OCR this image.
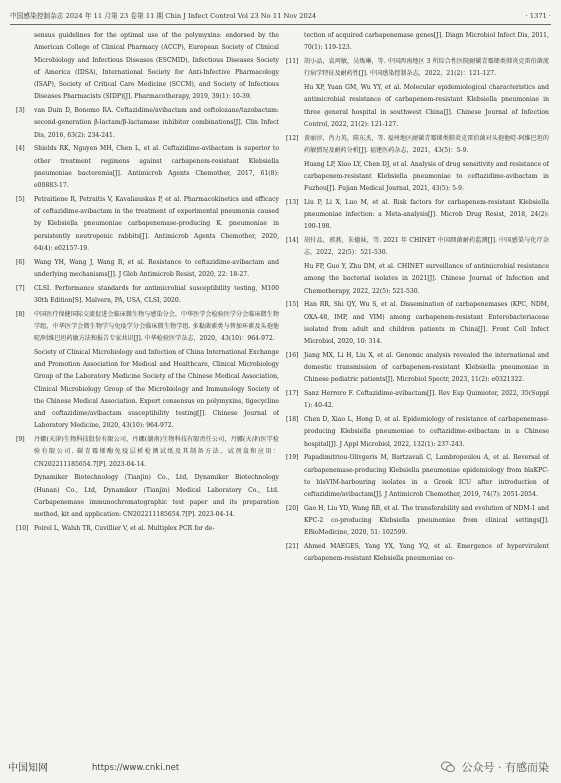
中国感染控制杂志 2024 年 11 月第 23 卷第 11 期 Chin J Infect Control Vol 23 No 11 Nov 2024	· 1371 ·
sensus guidelines for the optimal use of the polymyxins: endorsed by the American College of Clinical Pharmacy (ACCP), European Society of Clinical Microbiology and Infectious Diseases (ESCMID), Infectious Diseases Society of America (IDSA), International Society for Anti-Infective Pharmacology (ISAP), Society of Critical Care Medicine (SCCM), and Society of Infectious Diseases Pharmacists (SIDP)[J]. Pharmacotherapy, 2019, 39(1): 10-39.
[3] van Duin D, Bonomo RA. Ceftazidime/avibactam and ceftolozane/tazobactam: second-generation β-lactam/β-lactamase inhibitor combinations[J]. Clin Infect Dis, 2016, 63(2): 234-241.
[4] Shields RK, Nguyen MH, Chen L, et al. Ceftazidime-avibactam is superior to other treatment regimens against carbapenem-resistant Klebsiella pneumoniae bacteremia[J]. Antimicrob Agents Chemother, 2017, 61(8): e00883-17.
[5] Petraitiene R, Petraitis V, Kavaliauskas P, et al. Pharmacokinetics and efficacy of ceftazidime-avibactam in the treatment of experimental pneumonia caused by Klebsiella pneumoniae carbapenemase-producing K. pneumoniae in persistently neutropenic rabbits[J]. Antimicrob Agents Chemother, 2020, 64(4): e02157-19.
[6] Wang YH, Wang J, Wang R, et al. Resistance to ceftazidime-avibactam and underlying mechanisms[J]. J Glob Antimicrob Resist, 2020, 22: 18-27.
[7] CLSI. Performance standards for antimicrobial susceptibility testing, M100 30th Edition[S]. Malvern, PA, USA, CLSI, 2020.
[8] 中国医疗保健国际交流促进会临床微生物与感染分会，中华医学会检验医学分会临床微生物学组，中华医学会微生物学与免疫学分会临床微生物学组. 多黏菌素类与替加环素及头孢他啶/阿维巴坦药敏方法和报告专家共识[J]. 中华检验医学杂志，2020，43(10)：964-972.
Society of Clinical Microbiology and Infection of China International Exchange and Promotion Association for Medical and Healthcare, Clinical Microbiology Group of the Laboratory Medicine Society of the Chinese Medical Association, Clinical Microbiology Group of the Microbiology and Immunology Society of the Chinese Medical Association. Expert consensus on polymyxins, tigecycline and ceftazidime/avibactam susceptibility testing[J]. Chinese Journal of Laboratory Medicine, 2020, 43(10): 964-972.
[9] 丹娜(天津)生物科技股份有限公司，丹娜(湖南)生物科技有限责任公司，丹娜(天津)医学检验有限公司. 碳青霉烯酶免疫层析检测试纸及其制备方法、试剂盒和应用：CN202211185654.7[P]. 2023-04-14.
Dynamiker Biotechnology (Tianjin) Co., Ltd, Dynamiker Biotechnology (Hunan) Co., Ltd, Dynamiker (Tianjin) Medical Laboratory Co., Ltd. Carbapenemase immunochromatographic test paper and its preparation method, kit and application: CN202211185654.7[P]. 2023-04-14.
[10] Poirel L, Walsh TR, Cuvillier V, et al. Multiplex PCR for de-
tection of acquired carbapenemase genes[J]. Diagn Microbiol Infect Dis, 2011, 70(1): 119-123.
[11] 胡小品，袁珂敏，吴炼琳，等. 中国西南地区 3 所综合性医院耐碳青霉烯类肺炎克雷伯菌流行病学特征及耐药性[J]. 中国感染控制杂志，2022，21(2)：121-127.
Hu XP, Yuan GM, Wu YY, et al. Molecular epidemiological characteristics and antimicrobial resistance of carbapenem-resistant Klebsiella pneumoniae in three general hospital in southwest China[J]. Chinese Journal of Infection Control, 2022, 21(2): 121-127.
[12] 黄丽淳，肖力英，陈东杰，等. 福州地区耐碳青霉烯类肺炎克雷伯菌对头孢他啶-阿维巴坦的药敏情况及耐药分析[J]. 福建医药杂志，2021，43(5)：5-9.
Huang LP, Xiao LY, Chen DJ, et al. Analysis of drug sensitivity and resistance of carbapenem-resistant Klebsiella pneumoniae to ceftazidime-avibactam in Fuzhou[J]. Fujian Medical Journal, 2021, 43(5): 5-9.
[13] Liu P, Li X, Luo M, et al. Risk factors for carbapenem-resistant Klebsiella pneumoniae infection: a Meta-analysis[J]. Microb Drug Resist, 2018, 24(2): 190-198.
[14] 胡付品，郭燕，朱德妹，等. 2021 年 CHINET 中国细菌耐药监测[J]. 中国感染与化疗杂志，2022，22(5)：521-530.
Hu FP, Guo Y, Zhu DM, et al. CHINET surveillance of antimicrobial resistance among the bacterial isolates in 2021[J]. Chinese Journal of Infection and Chemotherapy, 2022, 22(5): 521-530.
[15] Han RR, Shi QY, Wu S, et al. Dissemination of carbapenemases (KPC, NDM, OXA-48, IMP, and VIM) among carbapenem-resistant Enterobacteriaceae isolated from adult and children patients in China[J]. Front Cell Infect Microbiol, 2020, 10: 314.
[16] Jiang MX, Li H, Liu X, et al. Genomic analysis revealed the international and domestic transmission of carbapenem-resistant Klebsiella pneumoniae in Chinese pediatric patients[J]. Microbiol Spectr, 2023, 11(2): e0321322.
[17] Sanz Herrero F. Ceftazidime-avibactam[J]. Rev Esp Quimioter, 2022, 35(Suppl 1): 40-42.
[18] Chen D, Xiao L, Hong D, et al. Epidemiology of resistance of carbapenemase-producing Klebsiella pneumoniae to ceftazidime-avibactam in a Chinese hospital[J]. J Appl Microbiol, 2022, 132(1): 237-243.
[19] Papadimitriou-Olivgeris M, Bartzavali C, Lambropoulou A, et al. Reversal of carbapenemase-producing Klebsiella pneumoniae epidemiology from blaKPC- to blaVIM-harbouring isolates in a Greek ICU after introduction of ceftazidime/avibactam[J]. J Antimicrob Chemother, 2019, 74(7): 2051-2054.
[20] Gao H, Liu YD, Wang RB, et al. The transferability and evolution of NDM-1 and KPC-2 co-producing Klebsiella pneumoniae from clinical settings[J]. EBioMedicine, 2020, 51: 102599.
[21] Ahmed MAEGES, Yang YX, Yang YQ, et al. Emergence of hypervirulent carbapenem-resistant Klebsiella pneumoniae co-
中国知网	https://www.cnki.net	公众号 · 有感而染
